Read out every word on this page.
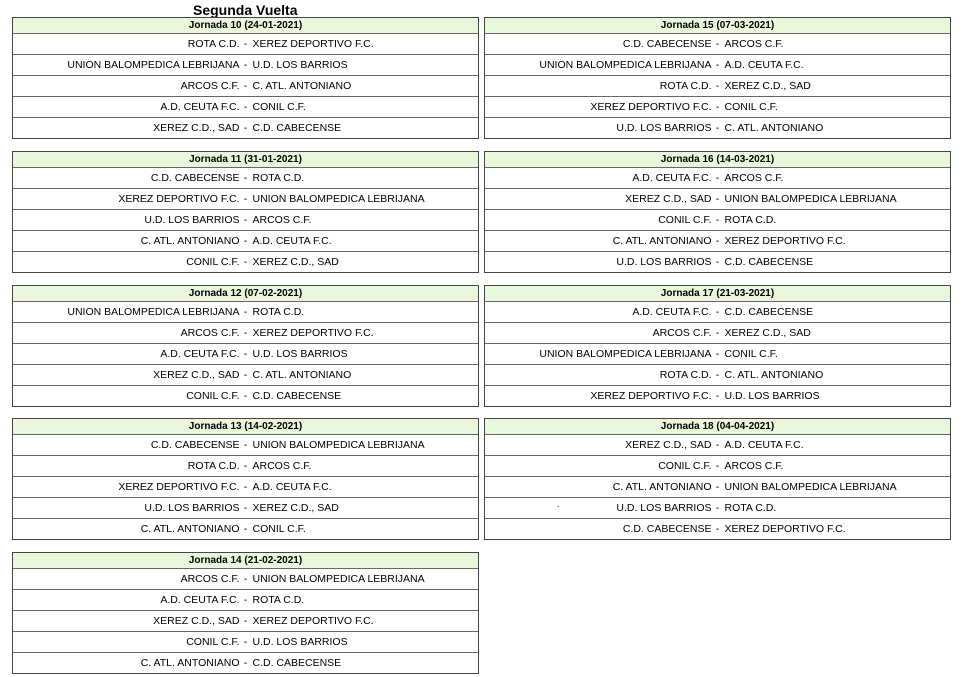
Segunda Vuelta
Jornada 10 (24-01-2021)
ROTA C.D. - XEREZ DEPORTIVO F.C.
UNION BALOMPEDICA LEBRIJANA - U.D. LOS BARRIOS
ARCOS C.F. - C. ATL. ANTONIANO
A.D. CEUTA F.C. - CONIL C.F.
XEREZ C.D., SAD - C.D. CABECENSE
Jornada 11 (31-01-2021)
C.D. CABECENSE - ROTA C.D.
XEREZ DEPORTIVO F.C. - UNION BALOMPEDICA LEBRIJANA
U.D. LOS BARRIOS - ARCOS C.F.
C. ATL. ANTONIANO - A.D. CEUTA F.C.
CONIL C.F. - XEREZ C.D., SAD
Jornada 12 (07-02-2021)
UNION BALOMPEDICA LEBRIJANA - ROTA C.D.
ARCOS C.F. - XEREZ DEPORTIVO F.C.
A.D. CEUTA F.C. - U.D. LOS BARRIOS
XEREZ C.D., SAD - C. ATL. ANTONIANO
CONIL C.F. - C.D. CABECENSE
Jornada 13 (14-02-2021)
C.D. CABECENSE - UNION BALOMPEDICA LEBRIJANA
ROTA C.D. - ARCOS C.F.
XEREZ DEPORTIVO F.C. - A.D. CEUTA F.C.
U.D. LOS BARRIOS - XEREZ C.D., SAD
C. ATL. ANTONIANO - CONIL C.F.
Jornada 14 (21-02-2021)
ARCOS C.F. - UNION BALOMPEDICA LEBRIJANA
A.D. CEUTA F.C. - ROTA C.D.
XEREZ C.D., SAD - XEREZ DEPORTIVO F.C.
CONIL C.F. - U.D. LOS BARRIOS
C. ATL. ANTONIANO - C.D. CABECENSE
Jornada 15 (07-03-2021)
C.D. CABECENSE - ARCOS C.F.
UNION BALOMPEDICA LEBRIJANA - A.D. CEUTA F.C.
ROTA C.D. - XEREZ C.D., SAD
XEREZ DEPORTIVO F.C. - CONIL C.F.
U.D. LOS BARRIOS - C. ATL. ANTONIANO
Jornada 16 (14-03-2021)
A.D. CEUTA F.C. - ARCOS C.F.
XEREZ C.D., SAD - UNION BALOMPEDICA LEBRIJANA
CONIL C.F. - ROTA C.D.
C. ATL. ANTONIANO - XEREZ DEPORTIVO F.C.
U.D. LOS BARRIOS - C.D. CABECENSE
Jornada 17 (21-03-2021)
A.D. CEUTA F.C. - C.D. CABECENSE
ARCOS C.F. - XEREZ C.D., SAD
UNION BALOMPEDICA LEBRIJANA - CONIL C.F.
ROTA C.D. - C. ATL. ANTONIANO
XEREZ DEPORTIVO F.C. - U.D. LOS BARRIOS
Jornada 18 (04-04-2021)
XEREZ C.D., SAD - A.D. CEUTA F.C.
CONIL C.F. - ARCOS C.F.
C. ATL. ANTONIANO - UNION BALOMPEDICA LEBRIJANA
.	U.D. LOS BARRIOS - ROTA C.D.
C.D. CABECENSE - XEREZ DEPORTIVO F.C.
